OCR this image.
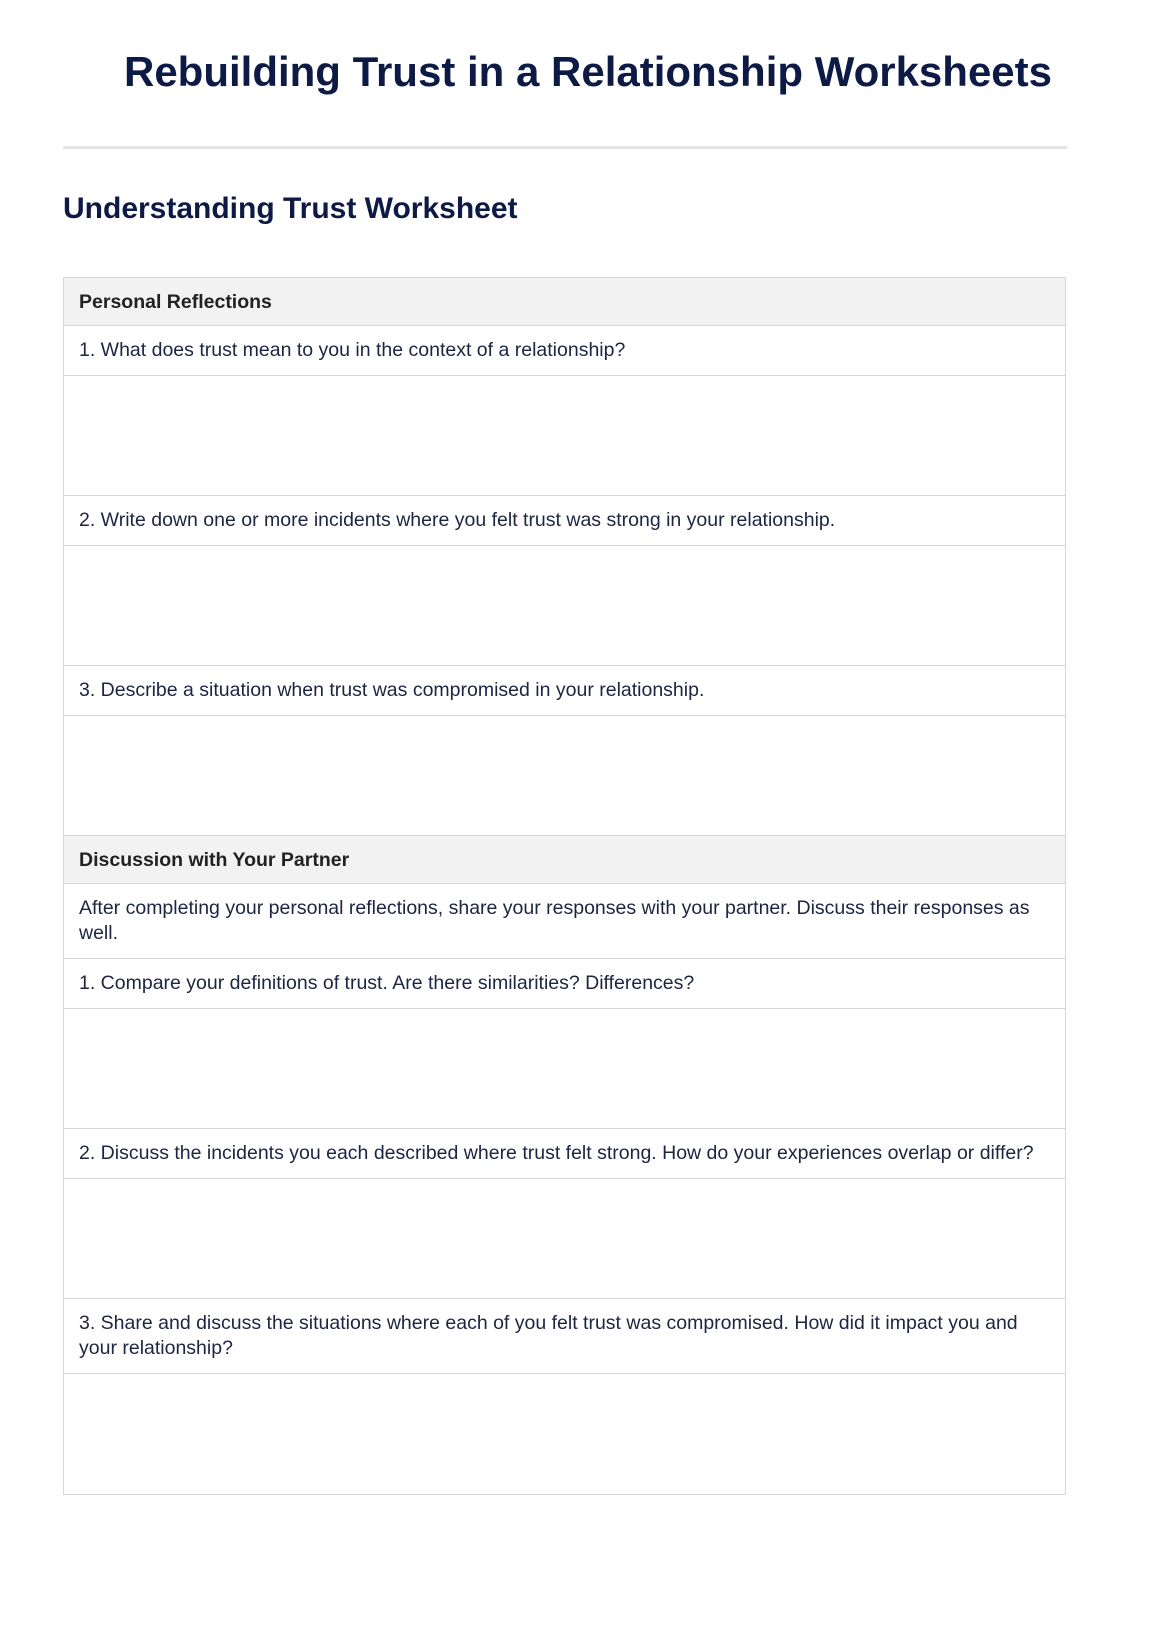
Rebuilding Trust in a Relationship Worksheets
Understanding Trust Worksheet
Personal Reflections
1. What does trust mean to you in the context of a relationship?
2. Write down one or more incidents where you felt trust was strong in your relationship.
3. Describe a situation when trust was compromised in your relationship.
Discussion with Your Partner
After completing your personal reflections, share your responses with your partner. Discuss their responses as well.
1. Compare your definitions of trust. Are there similarities? Differences?
2. Discuss the incidents you each described where trust felt strong. How do your experiences overlap or differ?
3. Share and discuss the situations where each of you felt trust was compromised. How did it impact you and your relationship?
